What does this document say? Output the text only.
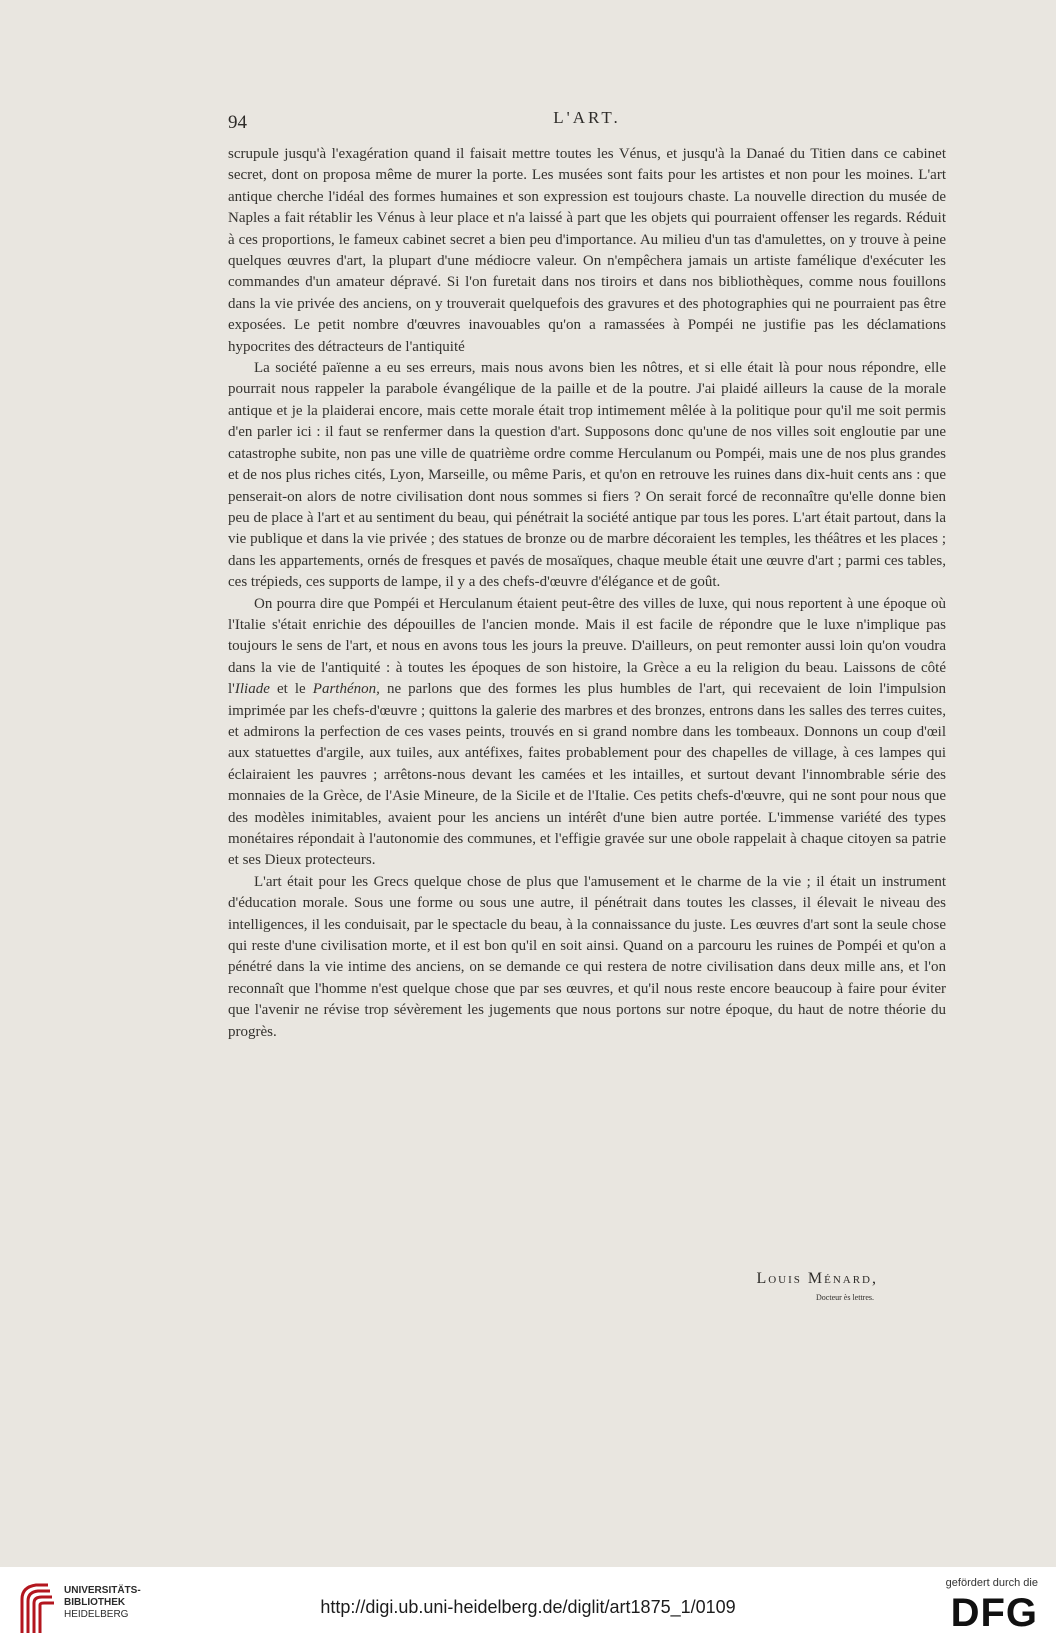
94	L'ART.

scrupule jusqu'à l'exagération quand il faisait mettre toutes les Vénus, et jusqu'à la Danaé du Titien dans ce cabinet secret, dont on proposa même de murer la porte. Les musées sont faits pour les artistes et non pour les moines. L'art antique cherche l'idéal des formes humaines et son expression est toujours chaste. La nouvelle direction du musée de Naples a fait rétablir les Vénus à leur place et n'a laissé à part que les objets qui pourraient offenser les regards. Réduit à ces proportions, le fameux cabinet secret a bien peu d'importance. Au milieu d'un tas d'amulettes, on y trouve à peine quelques œuvres d'art, la plupart d'une médiocre valeur. On n'empêchera jamais un artiste famélique d'exécuter les commandes d'un amateur dépravé. Si l'on furetait dans nos tiroirs et dans nos bibliothèques, comme nous fouillons dans la vie privée des anciens, on y trouverait quelquefois des gravures et des photographies qui ne pourraient pas être exposées. Le petit nombre d'œuvres inavouables qu'on a ramassées à Pompéi ne justifie pas les déclamations hypocrites des détracteurs de l'antiquité

La société païenne a eu ses erreurs, mais nous avons bien les nôtres, et si elle était là pour nous répondre, elle pourrait nous rappeler la parabole évangélique de la paille et de la poutre. J'ai plaidé ailleurs la cause de la morale antique et je la plaiderai encore, mais cette morale était trop intimement mêlée à la politique pour qu'il me soit permis d'en parler ici : il faut se renfermer dans la question d'art. Supposons donc qu'une de nos villes soit engloutie par une catastrophe subite, non pas une ville de quatrième ordre comme Herculanum ou Pompéi, mais une de nos plus grandes et de nos plus riches cités, Lyon, Marseille, ou même Paris, et qu'on en retrouve les ruines dans dix-huit cents ans : que penserait-on alors de notre civilisation dont nous sommes si fiers ? On serait forcé de reconnaître qu'elle donne bien peu de place à l'art et au sentiment du beau, qui pénétrait la société antique par tous les pores. L'art était partout, dans la vie publique et dans la vie privée ; des statues de bronze ou de marbre décoraient les temples, les théâtres et les places ; dans les appartements, ornés de fresques et pavés de mosaïques, chaque meuble était une œuvre d'art ; parmi ces tables, ces trépieds, ces supports de lampe, il y a des chefs-d'œuvre d'élégance et de goût.

On pourra dire que Pompéi et Herculanum étaient peut-être des villes de luxe, qui nous reportent à une époque où l'Italie s'était enrichie des dépouilles de l'ancien monde. Mais il est facile de répondre que le luxe n'implique pas toujours le sens de l'art, et nous en avons tous les jours la preuve. D'ailleurs, on peut remonter aussi loin qu'on voudra dans la vie de l'antiquité : à toutes les époques de son histoire, la Grèce a eu la religion du beau. Laissons de côté l'Iliade et le Parthénon, ne parlons que des formes les plus humbles de l'art, qui recevaient de loin l'impulsion imprimée par les chefs-d'œuvre ; quittons la galerie des marbres et des bronzes, entrons dans les salles des terres cuites, et admirons la perfection de ces vases peints, trouvés en si grand nombre dans les tombeaux. Donnons un coup d'œil aux statuettes d'argile, aux tuiles, aux antéfixes, faites probablement pour des chapelles de village, à ces lampes qui éclairaient les pauvres ; arrêtons-nous devant les camées et les intailles, et surtout devant l'innombrable série des monnaies de la Grèce, de l'Asie Mineure, de la Sicile et de l'Italie. Ces petits chefs-d'œuvre, qui ne sont pour nous que des modèles inimitables, avaient pour les anciens un intérêt d'une bien autre portée. L'immense variété des types monétaires répondait à l'autonomie des communes, et l'effigie gravée sur une obole rappelait à chaque citoyen sa patrie et ses Dieux protecteurs.

L'art était pour les Grecs quelque chose de plus que l'amusement et le charme de la vie ; il était un instrument d'éducation morale. Sous une forme ou sous une autre, il pénétrait dans toutes les classes, il élevait le niveau des intelligences, il les conduisait, par le spectacle du beau, à la connaissance du juste. Les œuvres d'art sont la seule chose qui reste d'une civilisation morte, et il est bon qu'il en soit ainsi. Quand on a parcouru les ruines de Pompéi et qu'on a pénétré dans la vie intime des anciens, on se demande ce qui restera de notre civilisation dans deux mille ans, et l'on reconnaît que l'homme n'est quelque chose que par ses œuvres, et qu'il nous reste encore beaucoup à faire pour éviter que l'avenir ne révise trop sévèrement les jugements que nous portons sur notre époque, du haut de notre théorie du progrès.

Louis Ménard,
Docteur ès lettres.
UNIVERSITÄTS-
BIBLIOTHEK
HEIDELBERG	http://digi.ub.uni-heidelberg.de/diglit/art1875_1/0109
gefördert durch die
DFG
